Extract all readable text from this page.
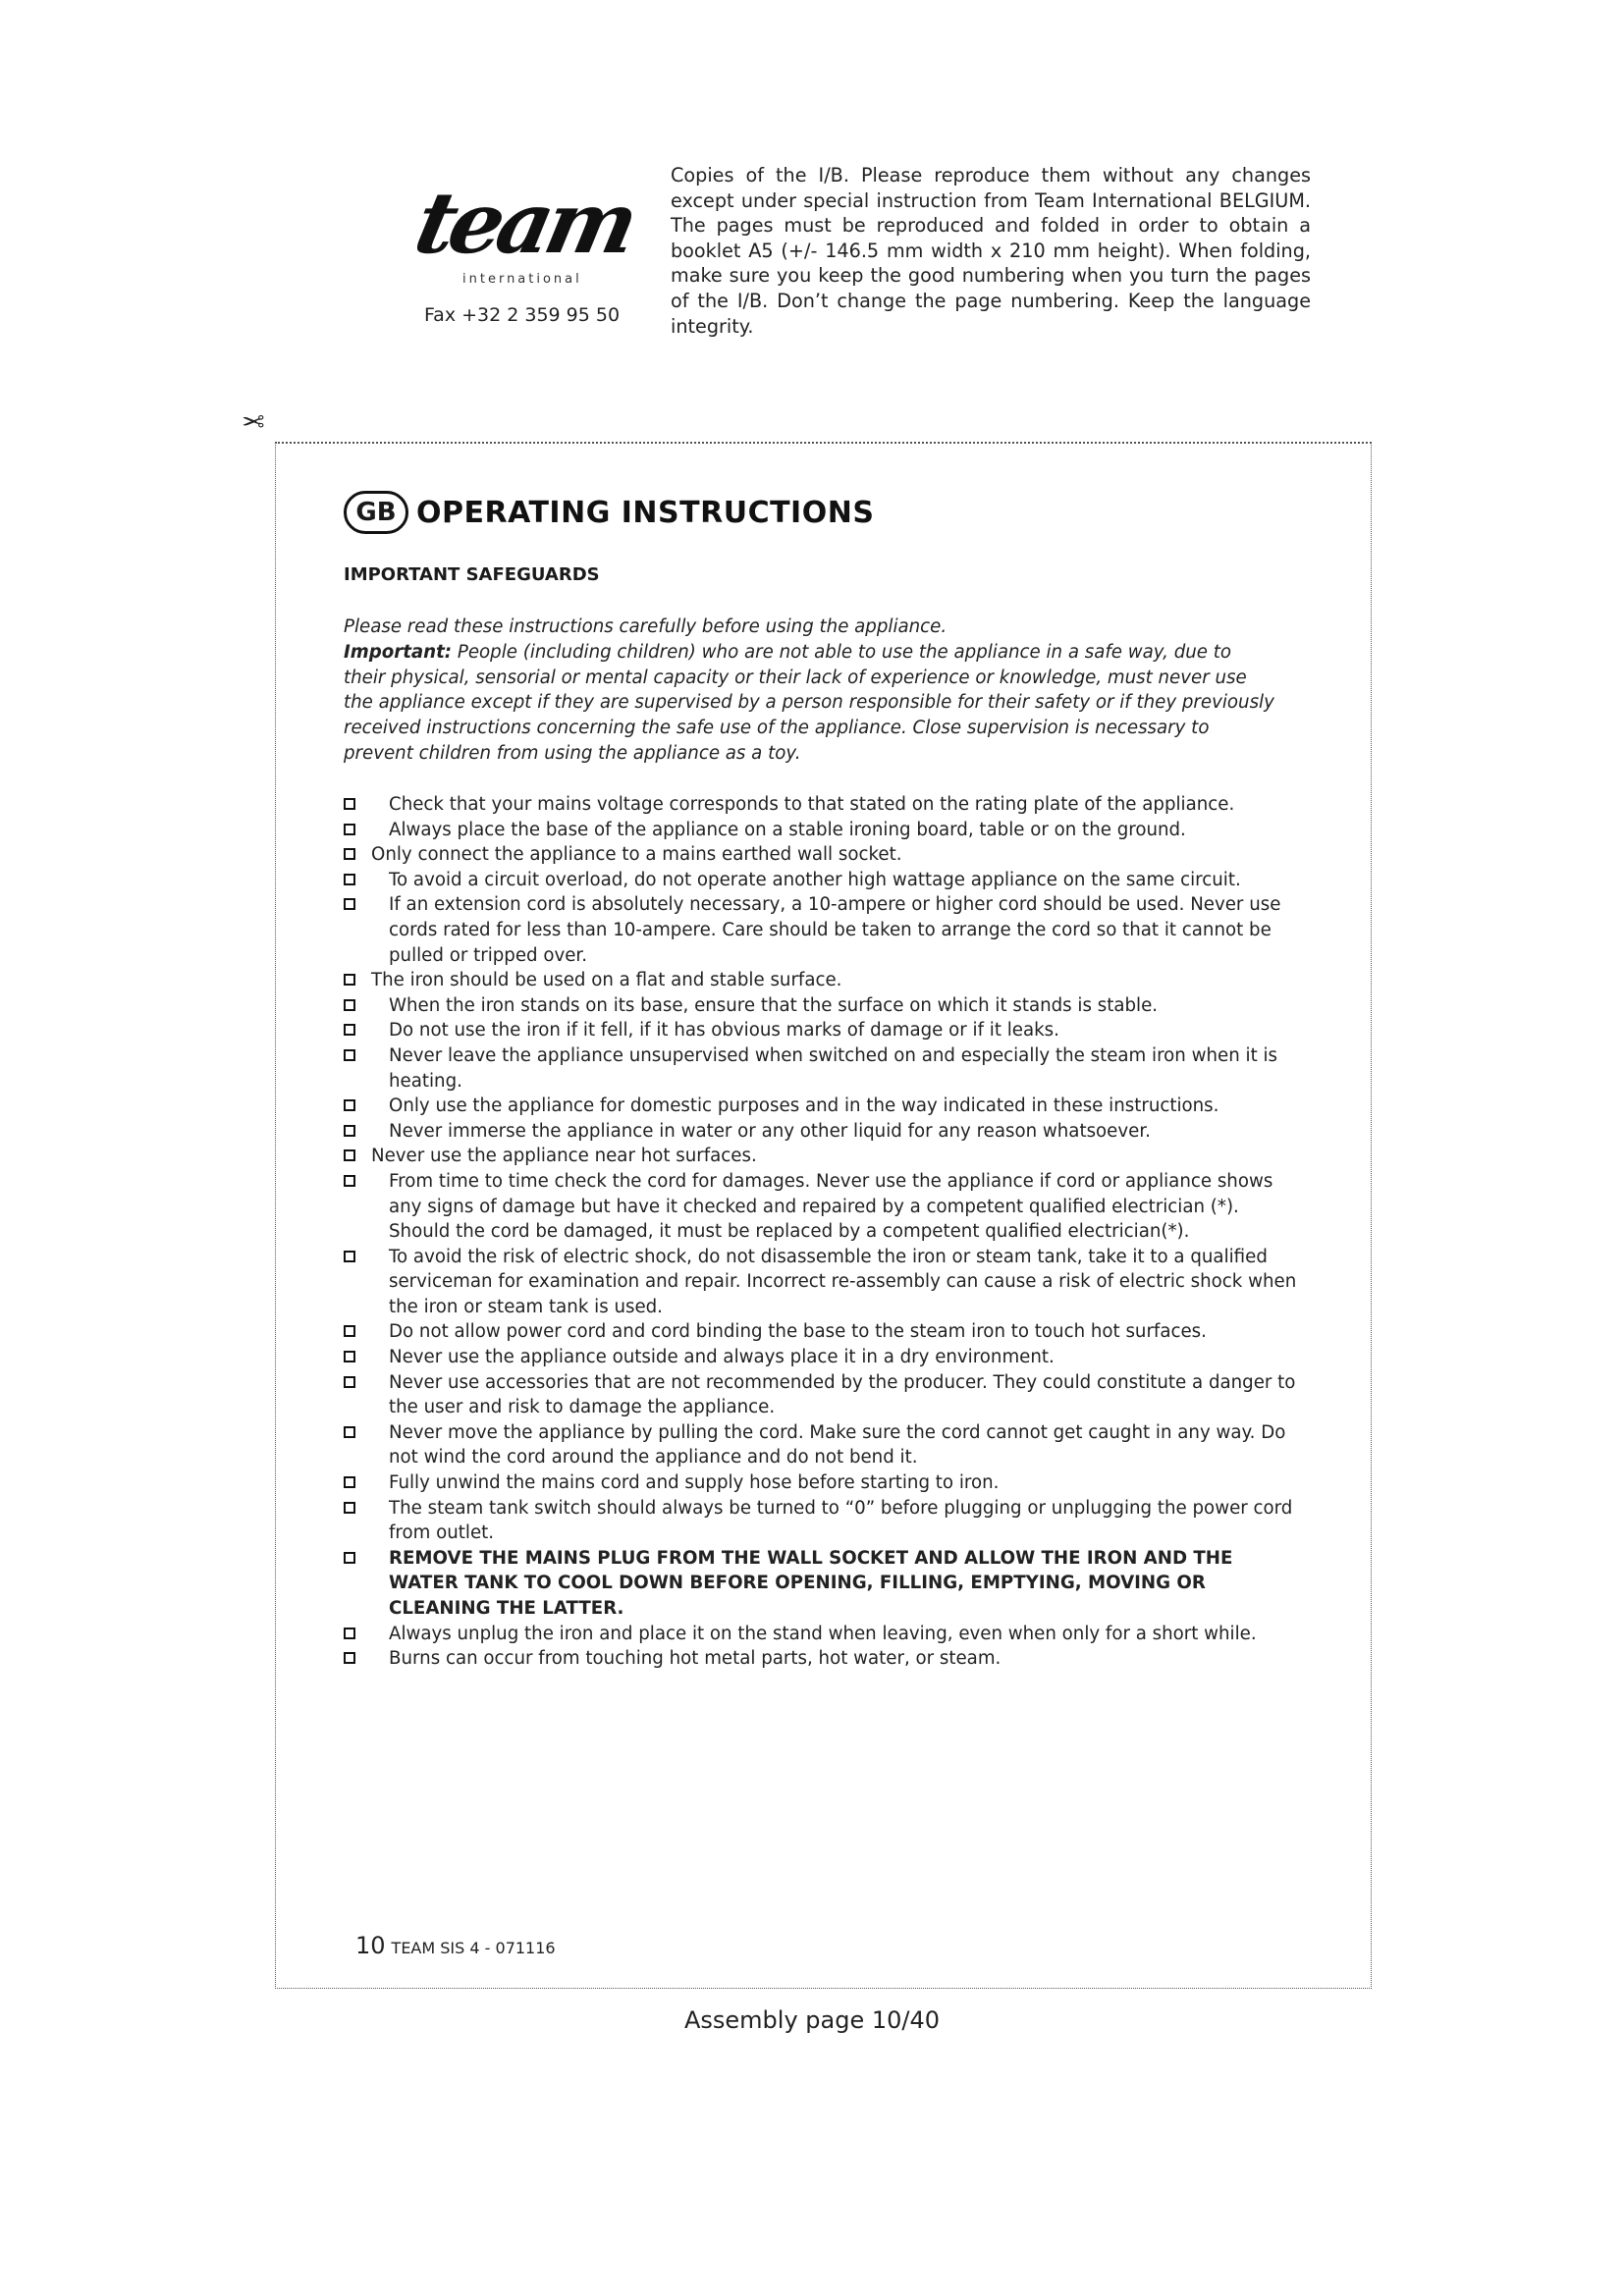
team
international
Fax +32 2 359 95 50
Copies of the I/B. Please reproduce them without any changes except under special instruction from Team International BELGIUM. The pages must be reproduced and folded in order to obtain a booklet A5 (+/- 146.5 mm width x 210 mm height). When folding, make sure you keep the good numbering when you turn the pages of the I/B. Don’t change the page numbering. Keep the language integrity.
✂
GB OPERATING INSTRUCTIONS
IMPORTANT SAFEGUARDS
Please read these instructions carefully before using the appliance.
Important: People (including children) who are not able to use the appliance in a safe way, due to their physical, sensorial or mental capacity or their lack of experience or knowledge, must never use the appliance except if they are supervised by a person responsible for their safety or if they previously received instructions concerning the safe use of the appliance. Close supervision is necessary to prevent children from using the appliance as a toy.
Check that your mains voltage corresponds to that stated on the rating plate of the appliance.
Always place the base of the appliance on a stable ironing board, table or on the ground.
Only connect the appliance to a mains earthed wall socket.
To avoid a circuit overload, do not operate another high wattage appliance on the same circuit.
If an extension cord is absolutely necessary, a 10-ampere or higher cord should be used. Never use cords rated for less than 10-ampere. Care should be taken to arrange the cord so that it cannot be pulled or tripped over.
The iron should be used on a flat and stable surface.
When the iron stands on its base, ensure that the surface on which it stands is stable.
Do not use the iron if it fell, if it has obvious marks of damage or if it leaks.
Never leave the appliance unsupervised when switched on and especially the steam iron when it is heating.
Only use the appliance for domestic purposes and in the way indicated in these instructions.
Never immerse the appliance in water or any other liquid for any reason whatsoever.
Never use the appliance near hot surfaces.
From time to time check the cord for damages. Never use the appliance if cord or appliance shows any signs of damage but have it checked and repaired by a competent qualified electrician (*). Should the cord be damaged, it must be replaced by a competent qualified electrician(*).
To avoid the risk of electric shock, do not disassemble the iron or steam tank, take it to a qualified serviceman for examination and repair. Incorrect re-assembly can cause a risk of electric shock when the iron or steam tank is used.
Do not allow power cord and cord binding the base to the steam iron to touch hot surfaces.
Never use the appliance outside and always place it in a dry environment.
Never use accessories that are not recommended by the producer. They could constitute a danger to the user and risk to damage the appliance.
Never move the appliance by pulling the cord. Make sure the cord cannot get caught in any way. Do not wind the cord around the appliance and do not bend it.
Fully unwind the mains cord and supply hose before starting to iron.
The steam tank switch should always be turned to “0” before plugging or unplugging the power cord from outlet.
REMOVE THE MAINS PLUG FROM THE WALL SOCKET AND ALLOW THE IRON AND THE WATER TANK TO COOL DOWN BEFORE OPENING, FILLING, EMPTYING, MOVING OR CLEANING THE LATTER.
Always unplug the iron and place it on the stand when leaving, even when only for a short while.
Burns can occur from touching hot metal parts, hot water, or steam.
10 TEAM SIS 4 - 071116
Assembly page 10/40
